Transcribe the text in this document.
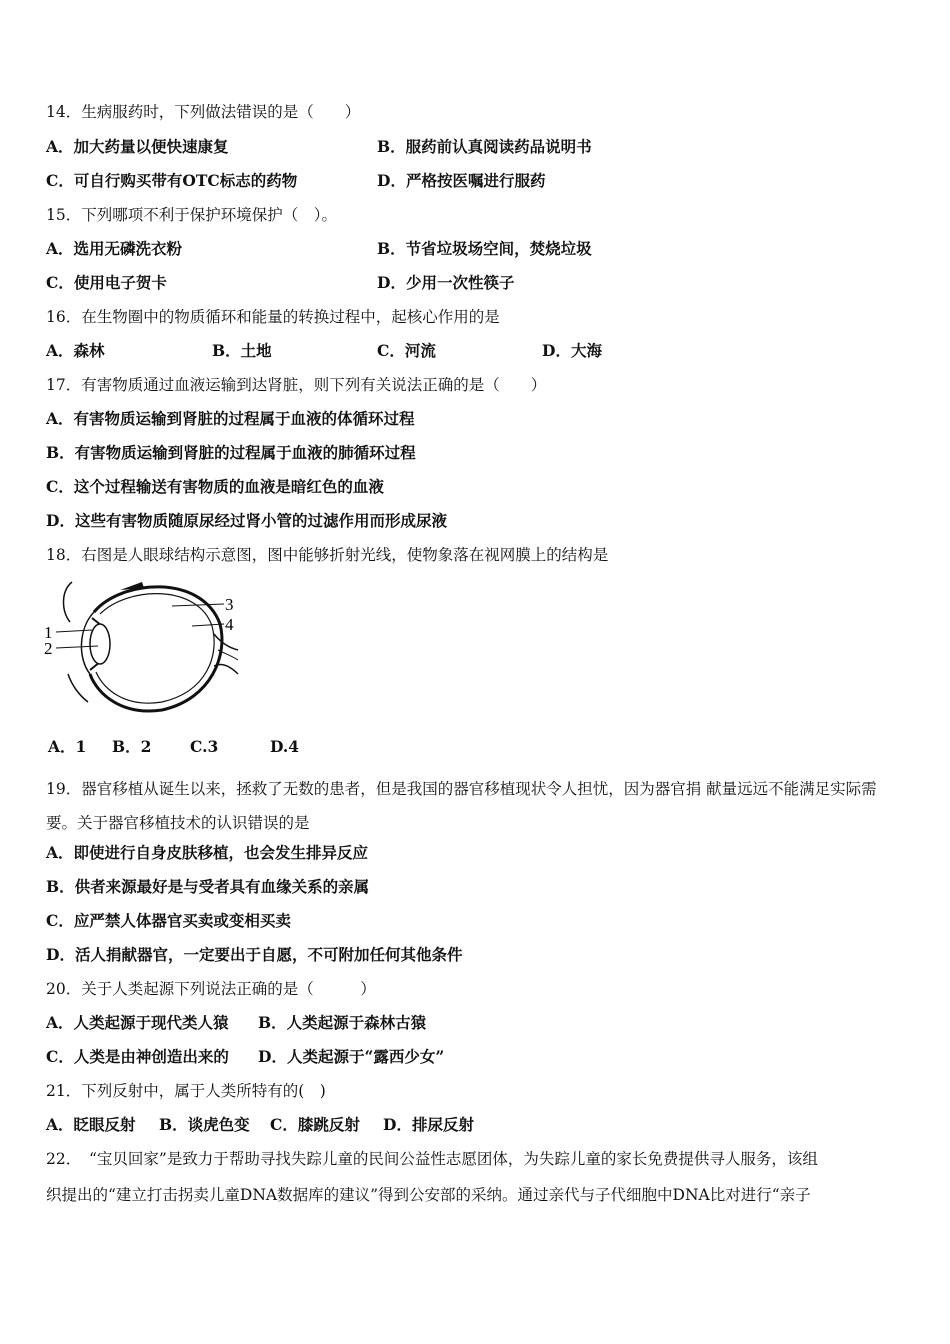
14．生病服药时，下列做法错误的是（　　）
A．加大药量以便快速康复	B．服药前认真阅读药品说明书
C．可自行购买带有OTC标志的药物	D．严格按医嘱进行服药
15．下列哪项不利于保护环境保护（　）。
A．选用无磷洗衣粉	B．节省垃圾场空间，焚烧垃圾
C．使用电子贺卡	D．少用一次性筷子
16．在生物圈中的物质循环和能量的转换过程中，起核心作用的是
A．森林	B．土地	C．河流	D．大海
17．有害物质通过血液运输到达肾脏，则下列有关说法正确的是（　　）
A．有害物质运输到肾脏的过程属于血液的体循环过程
B．有害物质运输到肾脏的过程属于血液的肺循环过程
C．这个过程输送有害物质的血液是暗红色的血液
D．这些有害物质随原尿经过肾小管的过滤作用而形成尿液
18．右图是人眼球结构示意图，图中能够折射光线，使物象落在视网膜上的结构是
1
2
3
4
A．1 B．2 C.3	D.4
19．器官移植从诞生以来，拯救了无数的患者，但是我国的器官移植现状令人担忧，因为器官捐 献量远远不能满足实际需要。关于器官移植技术的认识错误的是
A．即使进行自身皮肤移植，也会发生排异反应
B．供者来源最好是与受者具有血缘关系的亲属
C．应严禁人体器官买卖或变相买卖
D．活人捐献器官，一定要出于自愿，不可附加任何其他条件
20．关于人类起源下列说法正确的是（　　　）
A．人类起源于现代类人猿 B．人类起源于森林古猿
C．人类是由神创造出来的 D．人类起源于“露西少女”
21．下列反射中，属于人类所特有的(　)
A．眨眼反射 B．谈虎色变 C．膝跳反射 D．排尿反射
22．　“宝贝回家”是致力于帮助寻找失踪儿童的民间公益性志愿团体，为失踪儿童的家长免费提供寻人服务，该组
织提出的“建立打击拐卖儿童DNA数据库的建议”得到公安部的采纳。通过亲代与子代细胞中DNA比对进行“亲子
